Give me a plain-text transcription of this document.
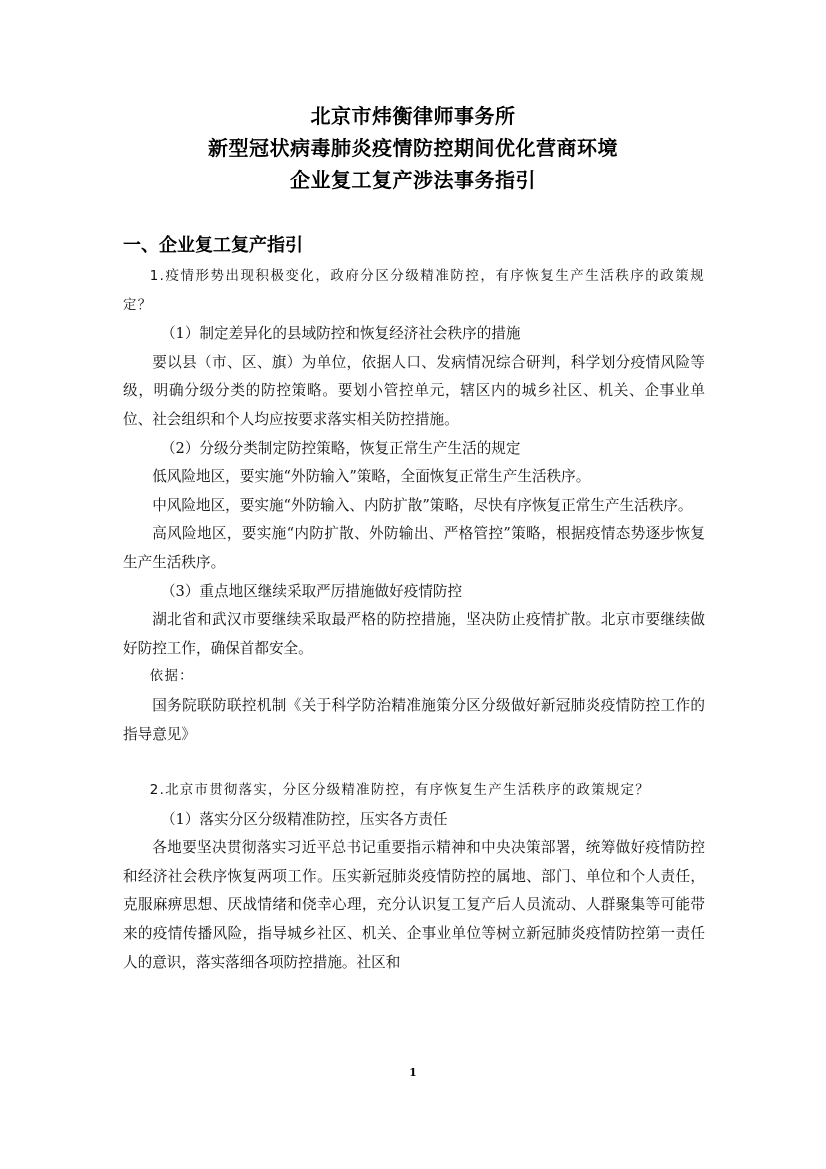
北京市炜衡律师事务所
新型冠状病毒肺炎疫情防控期间优化营商环境
企业复工复产涉法事务指引
一、企业复工复产指引

1.疫情形势出现积极变化，政府分区分级精准防控，有序恢复生产生活秩序的政策规定？

（1）制定差异化的县域防控和恢复经济社会秩序的措施

要以县（市、区、旗）为单位，依据人口、发病情况综合研判，科学划分疫情风险等级，明确分级分类的防控策略。要划小管控单元，辖区内的城乡社区、机关、企事业单位、社会组织和个人均应按要求落实相关防控措施。

（2）分级分类制定防控策略，恢复正常生产生活的规定

低风险地区，要实施“外防输入”策略，全面恢复正常生产生活秩序。

中风险地区，要实施“外防输入、内防扩散”策略，尽快有序恢复正常生产生活秩序。

高风险地区，要实施“内防扩散、外防输出、严格管控”策略，根据疫情态势逐步恢复生产生活秩序。

（3）重点地区继续采取严厉措施做好疫情防控

湖北省和武汉市要继续采取最严格的防控措施，坚决防止疫情扩散。北京市要继续做好防控工作，确保首都安全。

依据：

国务院联防联控机制《关于科学防治精准施策分区分级做好新冠肺炎疫情防控工作的指导意见》

2.北京市贯彻落实，分区分级精准防控，有序恢复生产生活秩序的政策规定？

（1）落实分区分级精准防控，压实各方责任

各地要坚决贯彻落实习近平总书记重要指示精神和中央决策部署，统筹做好疫情防控和经济社会秩序恢复两项工作。压实新冠肺炎疫情防控的属地、部门、单位和个人责任，克服麻痹思想、厌战情绪和侥幸心理，充分认识复工复产后人员流动、人群聚集等可能带来的疫情传播风险，指导城乡社区、机关、企事业单位等树立新冠肺炎疫情防控第一责任人的意识，落实落细各项防控措施。社区和

1
